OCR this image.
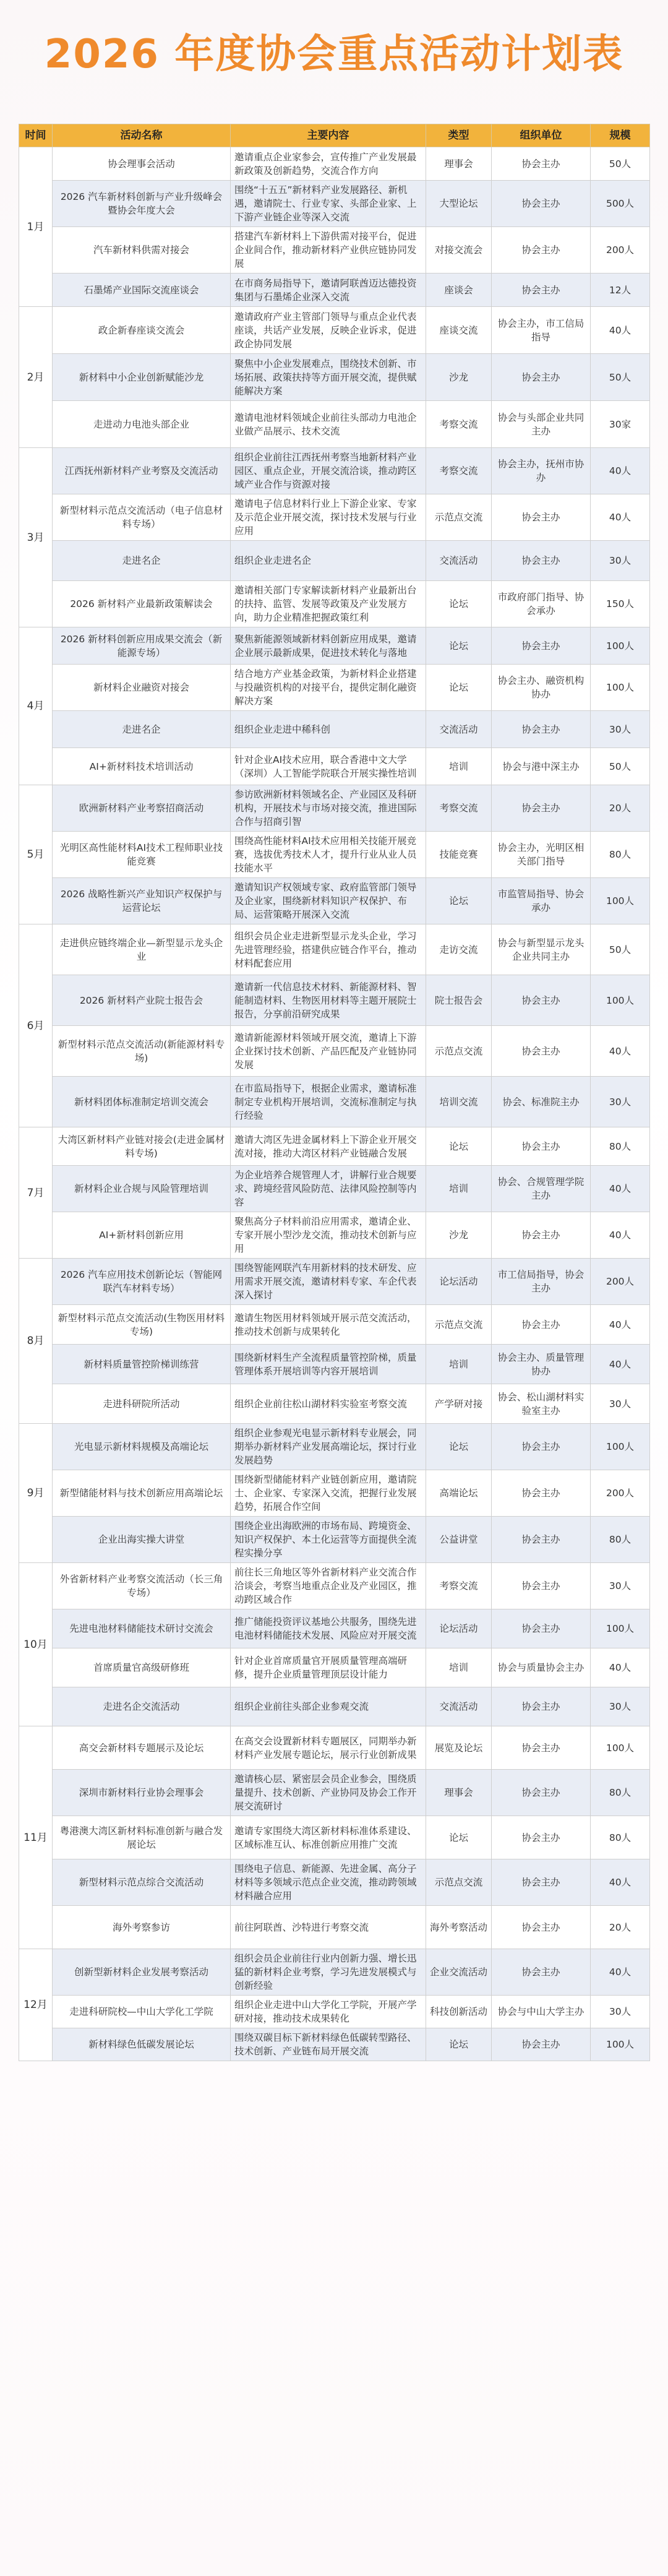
2026 年度协会重点活动计划表
时间	活动名称	主要内容	类型	组织单位	规模
1月	协会理事会活动	邀请重点企业家参会，宣传推广产业发展最新政策及创新趋势，交流合作方向	理事会	协会主办	50人
	2026 汽车新材料创新与产业升级峰会暨协会年度大会	围绕“十五五”新材料产业发展路径、新机遇，邀请院士、行业专家、头部企业家、上下游产业链企业等深入交流	大型论坛	协会主办	500人
	汽车新材料供需对接会	搭建汽车新材料上下游供需对接平台，促进企业间合作，推动新材料产业供应链协同发展	对接交流会	协会主办	200人
	石墨烯产业国际交流座谈会	在市商务局指导下，邀请阿联酋迈达德投资集团与石墨烯企业深入交流	座谈会	协会主办	12人
2月	政企新春座谈交流会	邀请政府产业主管部门领导与重点企业代表座谈，共话产业发展，反映企业诉求，促进政企协同发展	座谈交流	协会主办，市工信局指导	40人
	新材料中小企业创新赋能沙龙	聚焦中小企业发展难点，围绕技术创新、市场拓展、政策扶持等方面开展交流，提供赋能解决方案	沙龙	协会主办	50人
	走进动力电池头部企业	邀请电池材料领域企业前往头部动力电池企业做产品展示、技术交流	考察交流	协会与头部企业共同主办	30家
3月	江西抚州新材料产业考察及交流活动	组织企业前往江西抚州考察当地新材料产业园区、重点企业，开展交流洽谈，推动跨区域产业合作与资源对接	考察交流	协会主办，抚州市协办	40人
	新型材料示范点交流活动（电子信息材料专场）	邀请电子信息材料行业上下游企业家、专家及示范企业开展交流，探讨技术发展与行业应用	示范点交流	协会主办	40人
	走进名企	组织企业走进名企	交流活动	协会主办	30人
	2026 新材料产业最新政策解读会	邀请相关部门专家解读新材料产业最新出台的扶持、监管、发展等政策及产业发展方向，助力企业精准把握政策红利	论坛	市政府部门指导、协会承办	150人
4月	2026 新材料创新应用成果交流会（新能源专场）	聚焦新能源领域新材料创新应用成果，邀请企业展示最新成果，促进技术转化与落地	论坛	协会主办	100人
	新材料企业融资对接会	结合地方产业基金政策，为新材料企业搭建与投融资机构的对接平台，提供定制化融资解决方案	论坛	协会主办、融资机构协办	100人
	走进名企	组织企业走进中稀科创	交流活动	协会主办	30人
	AI+新材料技术培训活动	针对企业AI技术应用，联合香港中文大学（深圳）人工智能学院联合开展实操性培训	培训	协会与港中深主办	50人
5月	欧洲新材料产业考察招商活动	参访欧洲新材料领域名企、产业园区及科研机构，开展技术与市场对接交流，推进国际合作与招商引智	考察交流	协会主办	20人
	光明区高性能材料AI技术工程师职业技能竞赛	围绕高性能材料AI技术应用相关技能开展竞赛，选拔优秀技术人才，提升行业从业人员技能水平	技能竞赛	协会主办，光明区相关部门指导	80人
	2026 战略性新兴产业知识产权保护与运营论坛	邀请知识产权领域专家、政府监管部门领导及企业家，围绕新材料知识产权保护、布局、运营策略开展深入交流	论坛	市监管局指导、协会承办	100人
6月	走进供应链终端企业—新型显示龙头企业	组织会员企业走进新型显示龙头企业，学习先进管理经验，搭建供应链合作平台，推动材料配套应用	走访交流	协会与新型显示龙头企业共同主办	50人
	2026 新材料产业院士报告会	邀请新一代信息技术材料、新能源材料、智能制造材料、生物医用材料等主题开展院士报告，分享前沿研究成果	院士报告会	协会主办	100人
	新型材料示范点交流活动(新能源材料专场)	邀请新能源材料领域开展交流，邀请上下游企业探讨技术创新、产品匹配及产业链协同发展	示范点交流	协会主办	40人
	新材料团体标准制定培训交流会	在市监局指导下，根据企业需求，邀请标准制定专业机构开展培训，交流标准制定与执行经验	培训交流	协会、标准院主办	30人
7月	大湾区新材料产业链对接会(走进金属材料专场)	邀请大湾区先进金属材料上下游企业开展交流对接，推动大湾区材料产业链融合发展	论坛	协会主办	80人
	新材料企业合规与风险管理培训	为企业培养合规管理人才，讲解行业合规要求、跨境经营风险防范、法律风险控制等内容	培训	协会、合规管理学院主办	40人
	AI+新材料创新应用	聚焦高分子材料前沿应用需求，邀请企业、专家开展小型沙龙交流，推动技术创新与应用	沙龙	协会主办	40人
8月	2026 汽车应用技术创新论坛（智能网联汽车材料专场）	围绕智能网联汽车用新材料的技术研发、应用需求开展交流，邀请材料专家、车企代表深入探讨	论坛活动	市工信局指导，协会主办	200人
	新型材料示范点交流活动(生物医用材料专场)	邀请生物医用材料领域开展示范交流活动，推动技术创新与成果转化	示范点交流	协会主办	40人
	新材料质量管控阶梯训练营	围绕新材料生产全流程质量管控阶梯，质量管理体系开展培训等内容开展培训	培训	协会主办、质量管理协办	40人
	走进科研院所活动	组织企业前往松山湖材料实验室考察交流	产学研对接	协会、松山湖材料实验室主办	30人
9月	光电显示新材料规模及高端论坛	组织企业参观光电显示新材料专业展会，同期举办新材料产业发展高端论坛，探讨行业发展趋势	论坛	协会主办	100人
	新型储能材料与技术创新应用高端论坛	围绕新型储能材料产业链创新应用，邀请院士、企业家、专家深入交流，把握行业发展趋势，拓展合作空间	高端论坛	协会主办	200人
	企业出海实操大讲堂	围绕企业出海欧洲的市场布局、跨境资金、知识产权保护、本土化运营等方面提供全流程实操分享	公益讲堂	协会主办	80人
10月	外省新材料产业考察交流活动（长三角专场）	前往长三角地区等外省新材料产业交流合作洽谈会，考察当地重点企业及产业园区，推动跨区域合作	考察交流	协会主办	30人
	先进电池材料储能技术研讨交流会	推广储能投资评议基地公共服务，围绕先进电池材料储能技术发展、风险应对开展交流	论坛活动	协会主办	100人
	首席质量官高级研修班	针对企业首席质量官开展质量管理高端研修，提升企业质量管理顶层设计能力	培训	协会与质量协会主办	40人
	走进名企交流活动	组织企业前往头部企业参观交流	交流活动	协会主办	30人
11月	高交会新材料专题展示及论坛	在高交会设置新材料专题展区，同期举办新材料产业发展专题论坛，展示行业创新成果	展览及论坛	协会主办	100人
	深圳市新材料行业协会理事会	邀请核心层、紧密层会员企业参会，围绕质量提升、技术创新、产业协同及协会工作开展交流研讨	理事会	协会主办	80人
	粤港澳大湾区新材料标准创新与融合发展论坛	邀请专家围绕大湾区新材料标准体系建设、区域标准互认、标准创新应用推广交流	论坛	协会主办	80人
	新型材料示范点综合交流活动	围绕电子信息、新能源、先进金属、高分子材料等多领域示范点企业交流，推动跨领域材料融合应用	示范点交流	协会主办	40人
	海外考察参访	前往阿联酋、沙特进行考察交流	海外考察活动	协会主办	20人
12月	创新型新材料企业发展考察活动	组织会员企业前往行业内创新力强、增长迅猛的新材料企业考察，学习先进发展模式与创新经验	企业交流活动	协会主办	40人
	走进科研院校—中山大学化工学院	组织企业走进中山大学化工学院，开展产学研对接，推动技术成果转化	科技创新活动	协会与中山大学主办	30人
	新材料绿色低碳发展论坛	围绕双碳目标下新材料绿色低碳转型路径、技术创新、产业链布局开展交流	论坛	协会主办	100人
